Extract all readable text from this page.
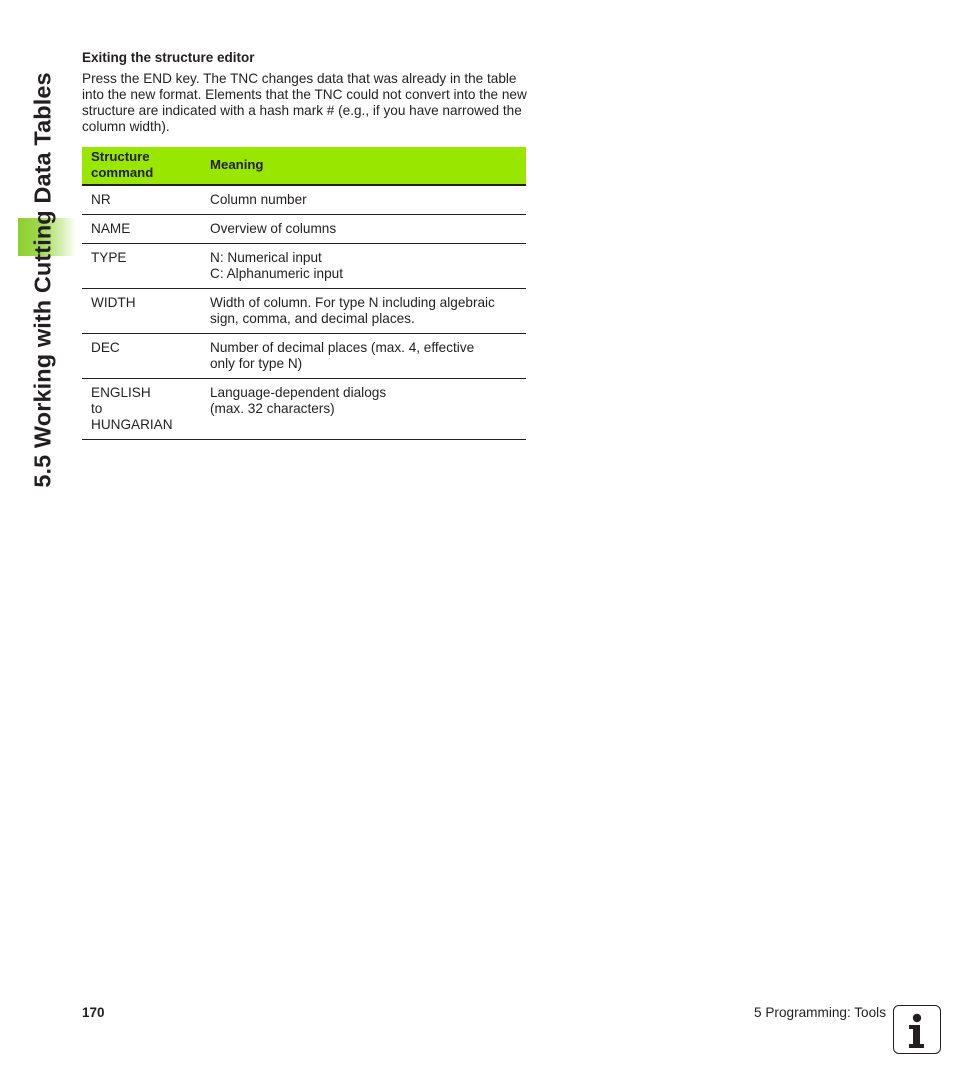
5.5 Working with Cutting Data Tables
Exiting the structure editor

Press the END key. The TNC changes data that was already in the table into the new format. Elements that the TNC could not convert into the new structure are indicated with a hash mark # (e.g., if you have narrowed the column width).

Structure command	Meaning

NR	Column number

NAME	Overview of columns

TYPE	N: Numerical input
C: Alphanumeric input

WIDTH	Width of column. For type N including algebraic
sign, comma, and decimal places.

DEC	Number of decimal places (max. 4, effective
only for type N)

ENGLISH
to
HUNGARIAN	Language-dependent dialogs
(max. 32 characters)
170	5 Programming: Tools
